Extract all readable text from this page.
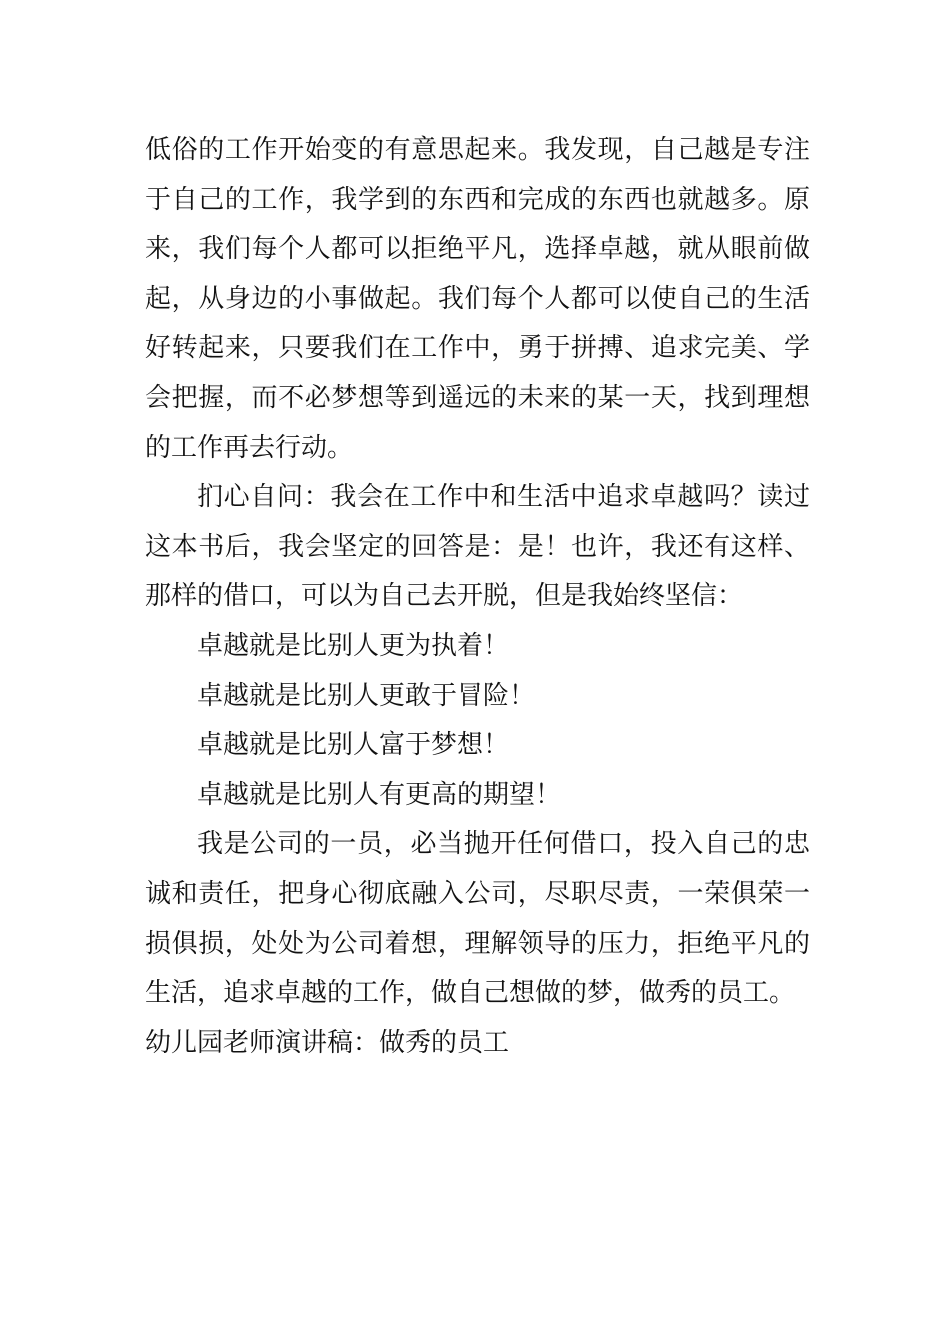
低俗的工作开始变的有意思起来。我发现，自己越是专注
于自己的工作，我学到的东西和完成的东西也就越多。原
来，我们每个人都可以拒绝平凡，选择卓越，就从眼前做
起，从身边的小事做起。我们每个人都可以使自己的生活
好转起来，只要我们在工作中，勇于拼搏、追求完美、学
会把握，而不必梦想等到遥远的未来的某一天，找到理想
的工作再去行动。
扪心自问：我会在工作中和生活中追求卓越吗？读过
这本书后，我会坚定的回答是：是！也许，我还有这样、
那样的借口，可以为自己去开脱，但是我始终坚信：
卓越就是比别人更为执着！
卓越就是比别人更敢于冒险！
卓越就是比别人富于梦想！
卓越就是比别人有更高的期望！
我是公司的一员，必当抛开任何借口，投入自己的忠
诚和责任，把身心彻底融入公司，尽职尽责，一荣俱荣一
损俱损，处处为公司着想，理解领导的压力，拒绝平凡的
生活，追求卓越的工作，做自己想做的梦，做秀的员工。
幼儿园老师演讲稿：做秀的员工
